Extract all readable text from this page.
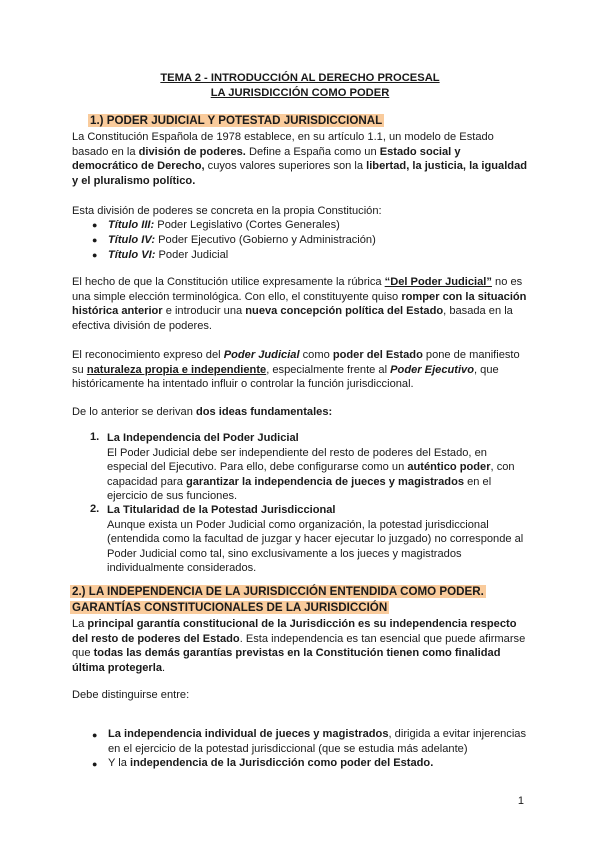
TEMA 2 - INTRODUCCIÓN AL DERECHO PROCESAL
LA JURISDICCIÓN COMO PODER
1.) PODER JUDICIAL Y POTESTAD JURISDICCIONAL
La Constitución Española de 1978 establece, en su artículo 1.1, un modelo de Estado
basado en la división de poderes. Define a España como un Estado social y
democrático de Derecho, cuyos valores superiores son la libertad, la justicia, la igualdad
y el pluralismo político.
Esta división de poderes se concreta en la propia Constitución:
● Título III: Poder Legislativo (Cortes Generales)
● Título IV: Poder Ejecutivo (Gobierno y Administración)
● Título VI: Poder Judicial
El hecho de que la Constitución utilice expresamente la rúbrica “Del Poder Judicial” no es
una simple elección terminológica. Con ello, el constituyente quiso romper con la situación
histórica anterior e introducir una nueva concepción política del Estado, basada en la
efectiva división de poderes.
El reconocimiento expreso del Poder Judicial como poder del Estado pone de manifiesto
su naturaleza propia e independiente, especialmente frente al Poder Ejecutivo, que
históricamente ha intentado influir o controlar la función jurisdiccional.
De lo anterior se derivan dos ideas fundamentales:
1. La Independencia del Poder Judicial
El Poder Judicial debe ser independiente del resto de poderes del Estado, en
especial del Ejecutivo. Para ello, debe configurarse como un auténtico poder, con
capacidad para garantizar la independencia de jueces y magistrados en el
ejercicio de sus funciones.
2. La Titularidad de la Potestad Jurisdiccional
Aunque exista un Poder Judicial como organización, la potestad jurisdiccional
(entendida como la facultad de juzgar y hacer ejecutar lo juzgado) no corresponde al
Poder Judicial como tal, sino exclusivamente a los jueces y magistrados
individualmente considerados.
2.) LA INDEPENDENCIA DE LA JURISDICCIÓN ENTENDIDA COMO PODER.
GARANTÍAS CONSTITUCIONALES DE LA JURISDICCIÓN
La principal garantía constitucional de la Jurisdicción es su independencia respecto
del resto de poderes del Estado. Esta independencia es tan esencial que puede afirmarse
que todas las demás garantías previstas en la Constitución tienen como finalidad
última protegerla.
Debe distinguirse entre:
● La independencia individual de jueces y magistrados, dirigida a evitar injerencias
en el ejercicio de la potestad jurisdiccional (que se estudia más adelante)
● Y la independencia de la Jurisdicción como poder del Estado.
1
